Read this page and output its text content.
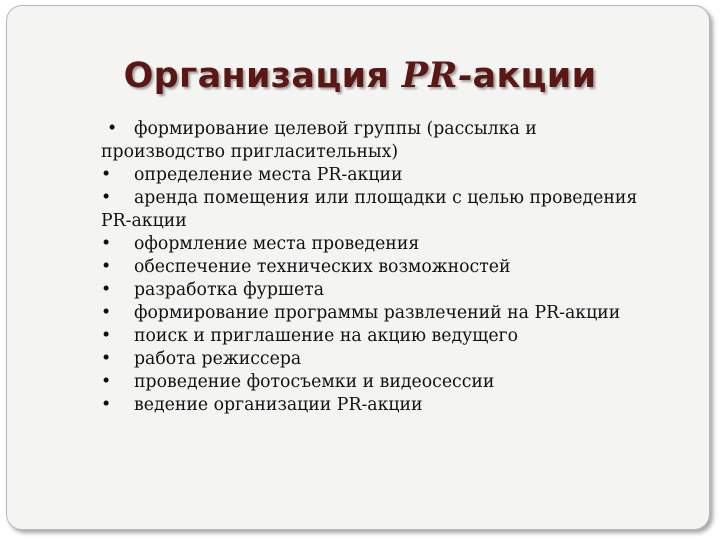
Организация PR-акции
• формирование целевой группы (рассылка и производство пригласительных)
• определение места PR-акции
• аренда помещения или площадки с целью проведения PR-акции
• оформление места проведения
• обеспечение технических возможностей
• разработка фуршета
• формирование программы развлечений на PR-акции
• поиск и приглашение на акцию ведущего
• работа режиссера
• проведение фотосъемки и видеосессии
• ведение организации PR-акции
